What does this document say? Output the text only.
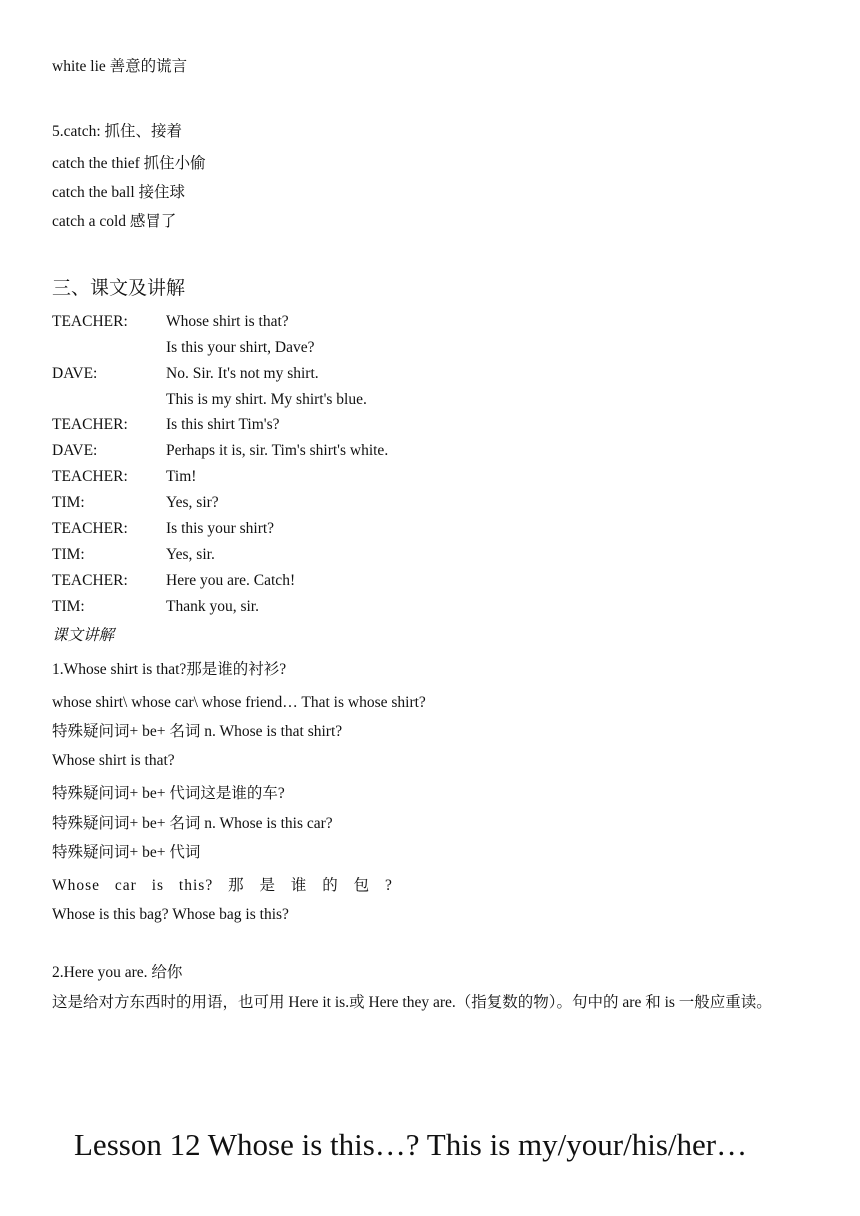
white lie 善意的谎言
5.catch: 抓住、接着
catch the thief 抓住小偷
catch the ball 接住球
catch a cold 感冒了
三、课文及讲解
TEACHER: Whose shirt is that?
Is this your shirt, Dave?
DAVE:	No. Sir. It's not my shirt.
This is my shirt. My shirt's blue.
TEACHER: Is this shirt Tim's?
DAVE:	Perhaps it is, sir. Tim's shirt's white.
TEACHER: Tim!
TIM:	Yes, sir?
TEACHER: Is this your shirt?
TIM:	Yes, sir.
TEACHER: Here you are. Catch!
TIM:	Thank you, sir.
课文讲解
1.Whose shirt is that?那是谁的衬衫?
whose shirt\ whose car\ whose friend… That is whose shirt?
特殊疑问词+ be+ 名词 n. Whose is that shirt?
Whose shirt is that?
特殊疑问词+ be+ 代词这是谁的车?
特殊疑问词+ be+ 名词 n. Whose is this car?
特殊疑问词+ be+ 代词
Whose car is this? 那 是 谁 的 包 ?
Whose is this bag? Whose bag is this?
2.Here you are. 给你
这是给对方东西时的用语，也可用 Here it is.或 Here they are.（指复数的物）。句中的 are 和 is 一般应重读。
Lesson 12 Whose is this…? This is my/your/his/her…
